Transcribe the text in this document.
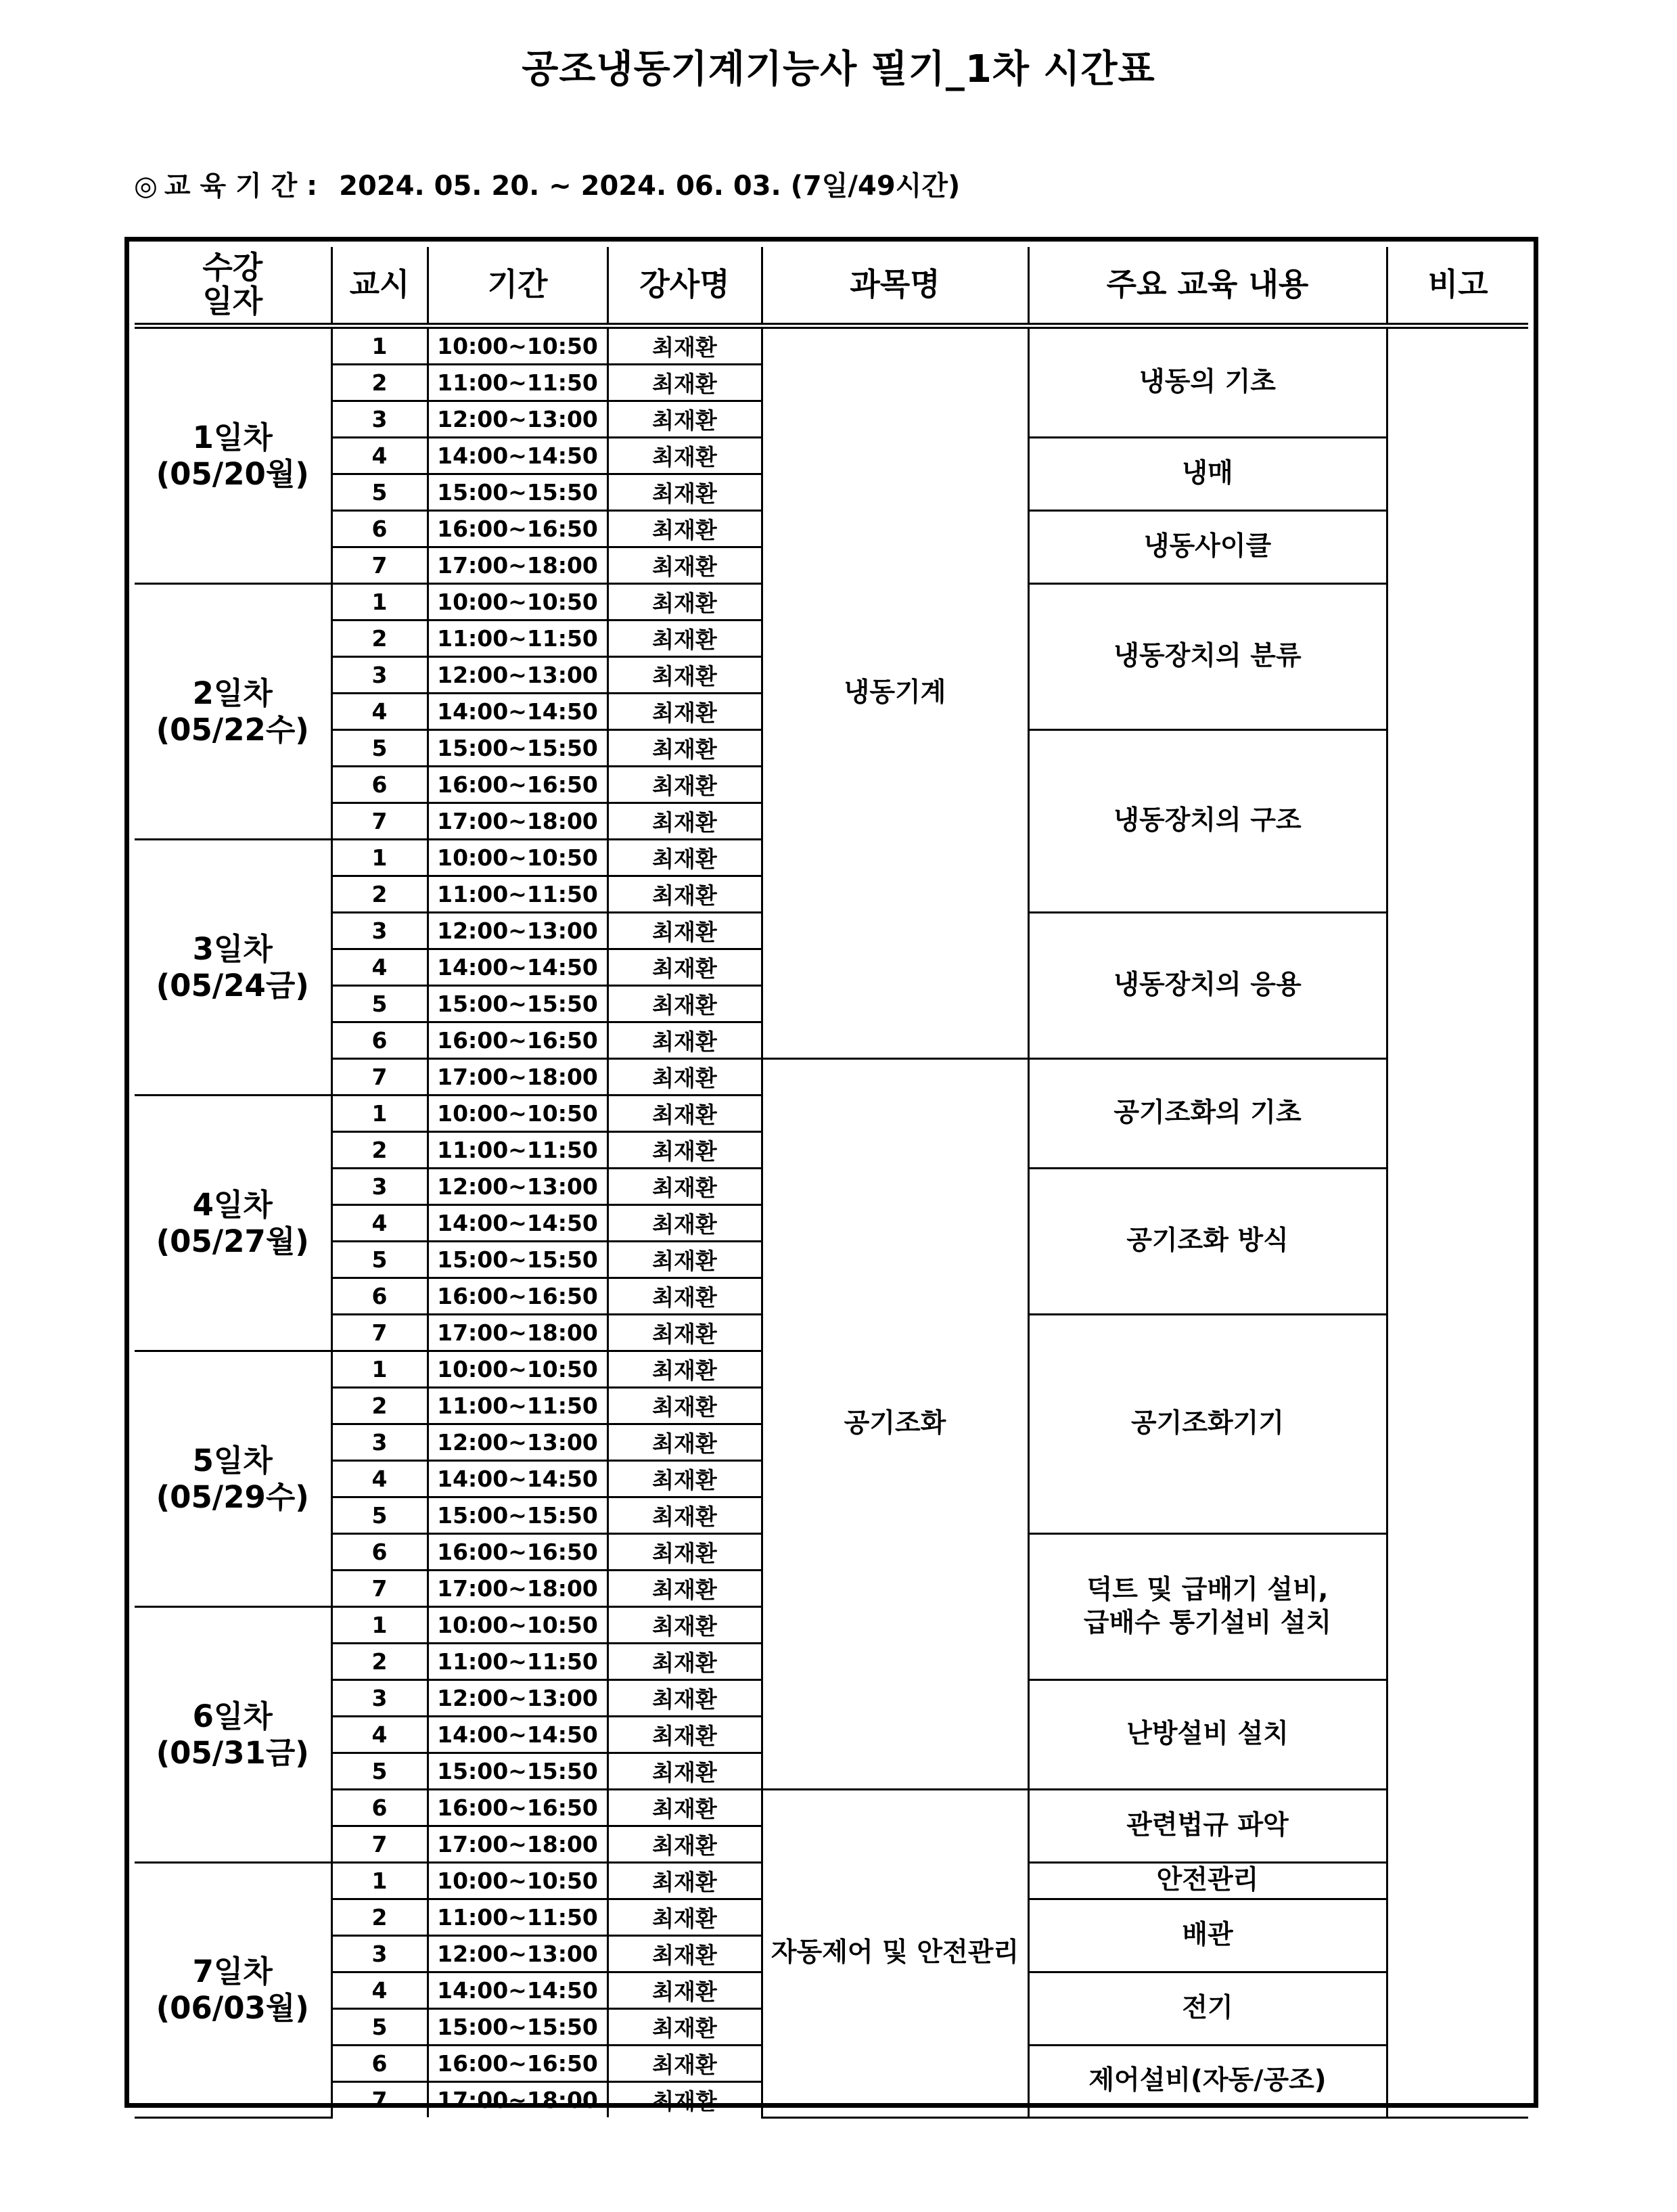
공조냉동기계기능사 필기_1차 시간표
◎ 교 육 기 간 : 2024. 05. 20. ~ 2024. 06. 03. (7일/49시간)
수강
일자	교시	기간	강사명	과목명	주요 교육 내용	비고

1일차
(05/20월)	1	10:00~10:50	최재환	냉동기계	냉동의 기초	
	2	11:00~11:50	최재환			
	3	12:00~13:00	최재환			
	4	14:00~14:50	최재환		냉매	
	5	15:00~15:50	최재환			
	6	16:00~16:50	최재환		냉동사이클	
	7	17:00~18:00	최재환			

2일차
(05/22수)	1	10:00~10:50	최재환		냉동장치의 분류	
	2	11:00~11:50	최재환			
	3	12:00~13:00	최재환			
	4	14:00~14:50	최재환			
	5	15:00~15:50	최재환		냉동장치의 구조	
	6	16:00~16:50	최재환			
	7	17:00~18:00	최재환			

3일차
(05/24금)	1	10:00~10:50	최재환			
	2	11:00~11:50	최재환			
	3	12:00~13:00	최재환		냉동장치의 응용	
	4	14:00~14:50	최재환			
	5	15:00~15:50	최재환			
	6	16:00~16:50	최재환			
	7	17:00~18:00	최재환	공기조화	공기조화의 기초	

4일차
(05/27월)	1	10:00~10:50	최재환			
	2	11:00~11:50	최재환			
	3	12:00~13:00	최재환		공기조화 방식	
	4	14:00~14:50	최재환			
	5	15:00~15:50	최재환			
	6	16:00~16:50	최재환			
	7	17:00~18:00	최재환		공기조화기기	

5일차
(05/29수)	1	10:00~10:50	최재환			
	2	11:00~11:50	최재환			
	3	12:00~13:00	최재환			
	4	14:00~14:50	최재환			
	5	15:00~15:50	최재환			
	6	16:00~16:50	최재환		덕트 및 급배기 설비,
급배수 통기설비 설치	
	7	17:00~18:00	최재환			

6일차
(05/31금)	1	10:00~10:50	최재환			
	2	11:00~11:50	최재환			
	3	12:00~13:00	최재환		난방설비 설치	
	4	14:00~14:50	최재환			
	5	15:00~15:50	최재환			
	6	16:00~16:50	최재환	자동제어 및 안전관리	관련법규 파악	
	7	17:00~18:00	최재환			

7일차
(06/03월)	1	10:00~10:50	최재환		안전관리	
	2	11:00~11:50	최재환		배관	
	3	12:00~13:00	최재환			
	4	14:00~14:50	최재환		전기	
	5	15:00~15:50	최재환			
	6	16:00~16:50	최재환		제어설비(자동/공조)	
	7	17:00~18:00	최재환			
